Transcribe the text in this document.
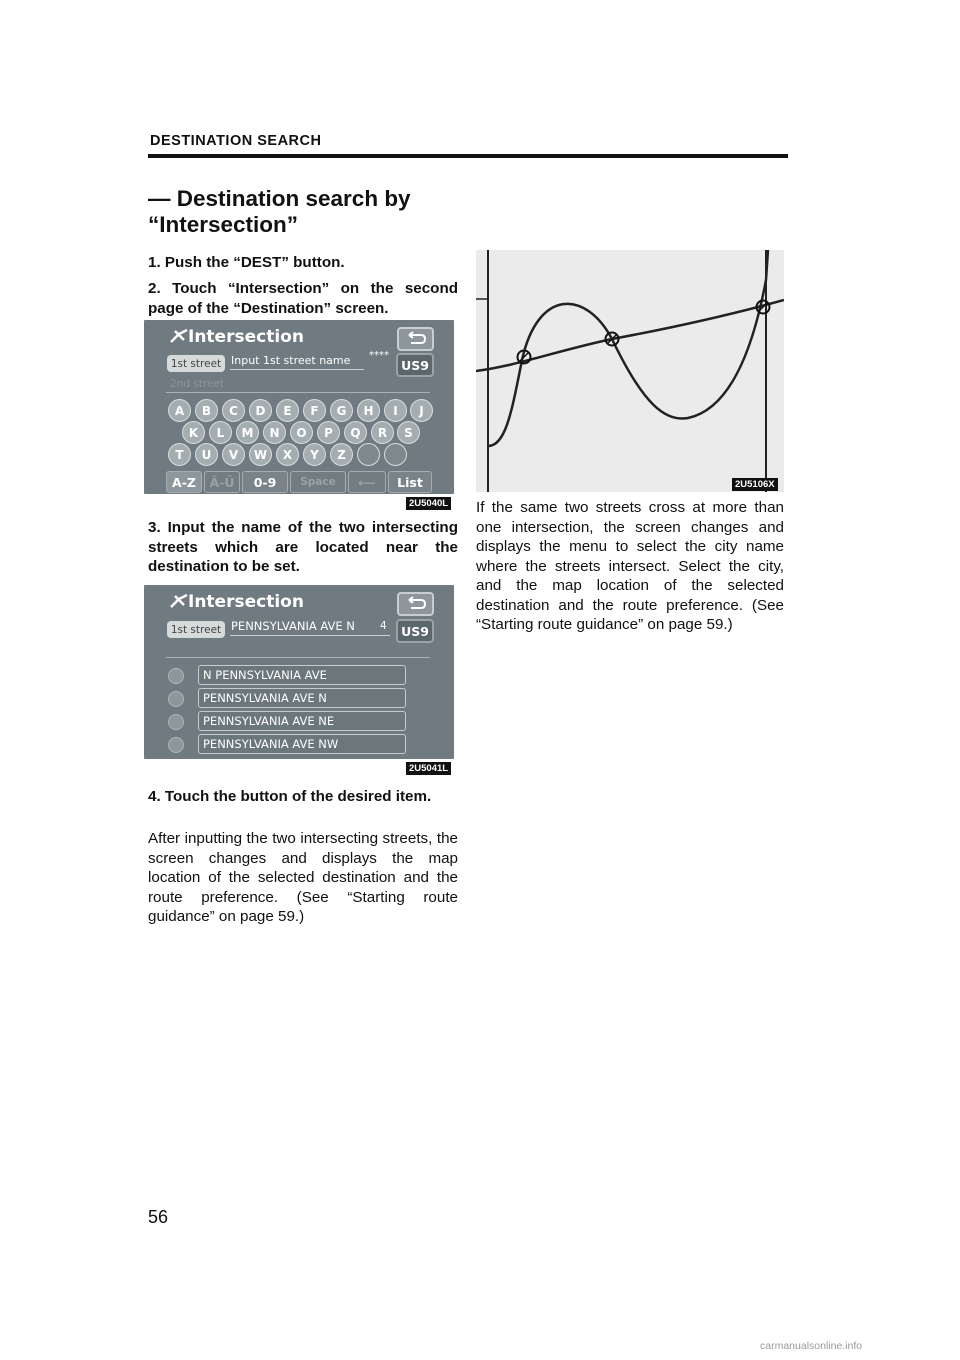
DESTINATION SEARCH
— Destination search by
“Intersection”
1. Push the “DEST” button.
2. Touch “Intersection” on the second page of the “Destination” screen.
Intersection
1st street Input 1st street name ****
US9
2nd street
A	B	C	D	E	F	G	H	I	J
K	L	M	N	O	P	Q	R	S
T	U	V	W	X	Y	Z
A-Z	Ä-Ü	0-9	Space	⟵	List
2U5040L
3. Input the name of the two intersecting streets which are located near the destination to be set.
Intersection
1st street PENNSYLVANIA AVE N 4	US9
N PENNSYLVANIA AVE
PENNSYLVANIA AVE N
PENNSYLVANIA AVE NE
PENNSYLVANIA AVE NW
2U5041L
4. Touch the button of the desired item.
After inputting the two intersecting streets, the screen changes and displays the map location of the selected destination and the route preference. (See “Starting route guidance” on page 59.)
2U5106X
If the same two streets cross at more than one intersection, the screen changes and displays the menu to select the city name where the streets intersect. Select the city, and the map location of the selected destination and the route preference. (See “Starting route guidance” on page 59.)
56
carmanualsonline.info
